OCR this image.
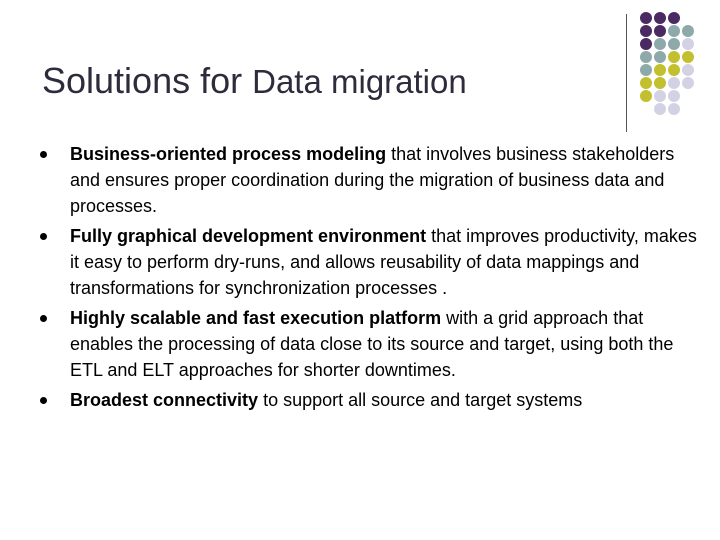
Solutions for Data migration
Business-oriented process modeling that involves business stakeholders and ensures proper coordination during the migration of business data and processes.
Fully graphical development environment that improves productivity, makes it easy to perform dry-runs, and allows reusability of data mappings and transformations for synchronization processes .
Highly scalable and fast execution platform with a grid approach that enables the processing of data close to its source and target, using both the ETL and ELT approaches for shorter downtimes.
Broadest connectivity to support all source and target systems
